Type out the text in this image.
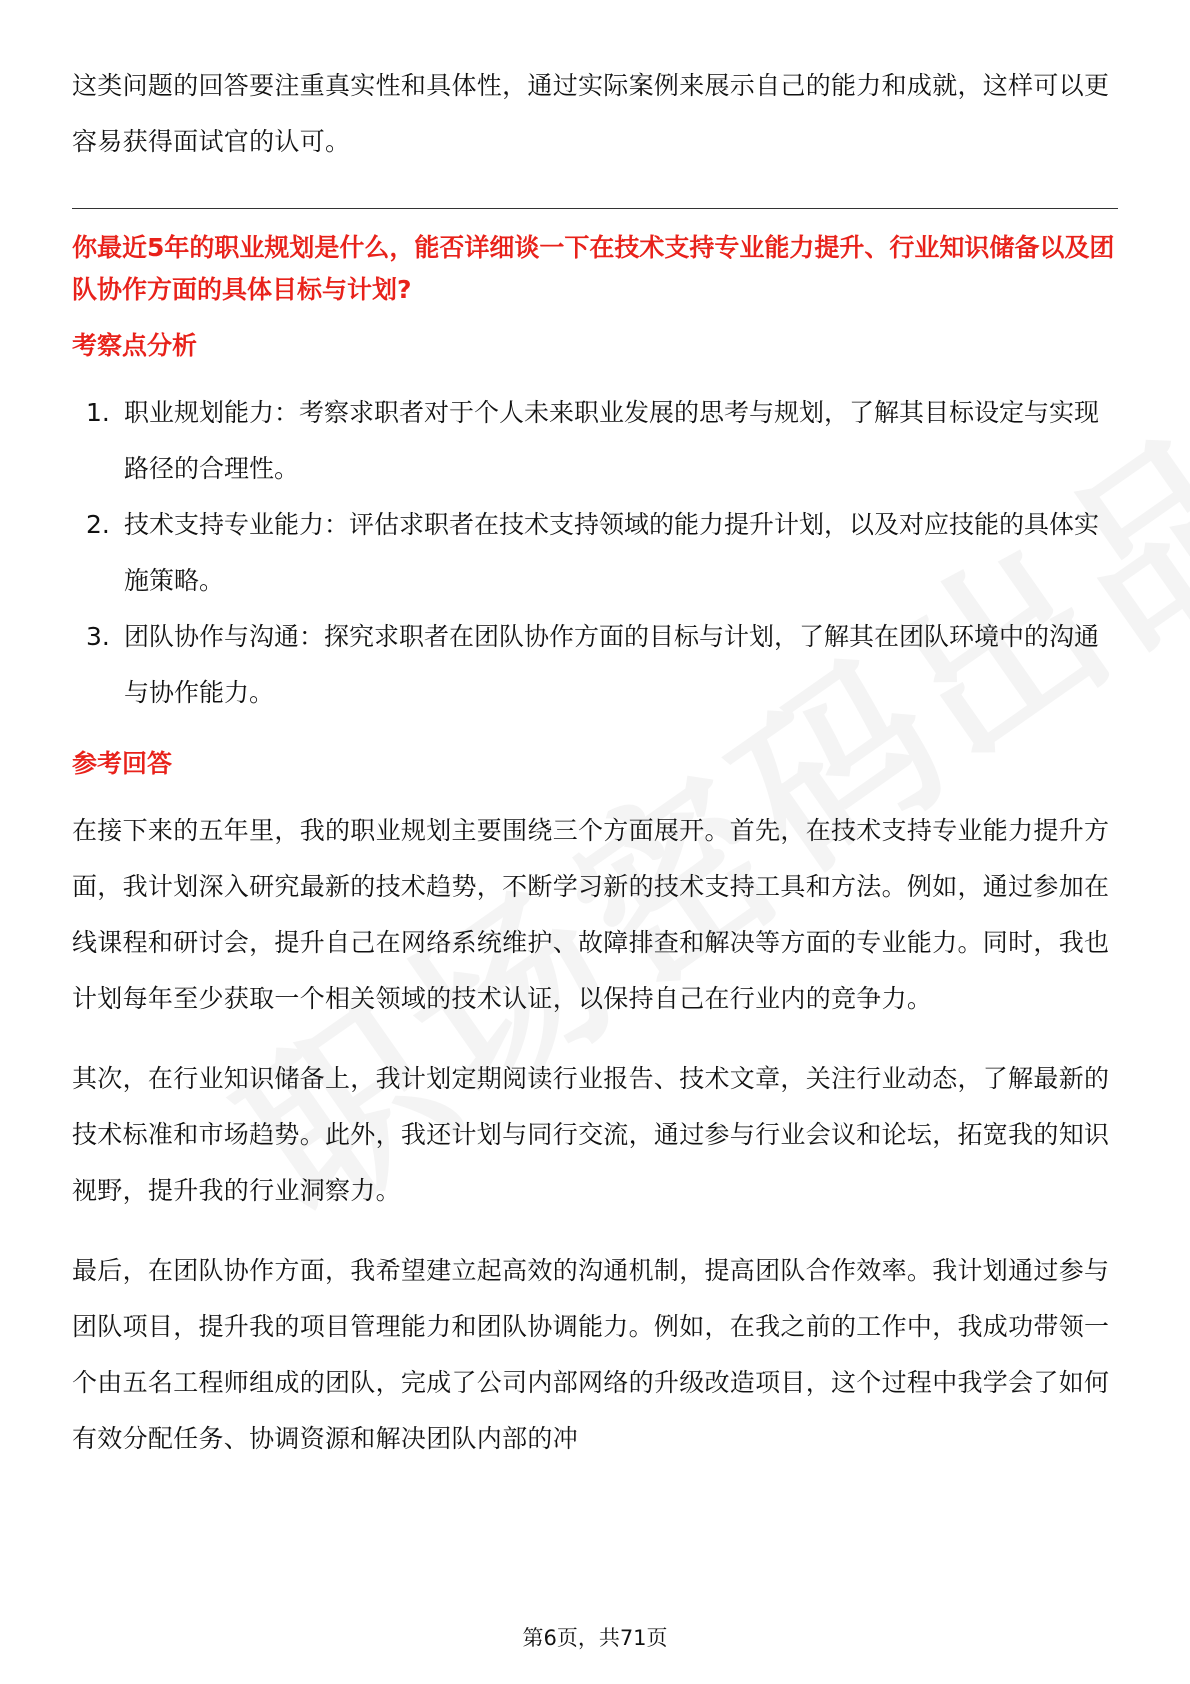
这类问题的回答要注重真实性和具体性，通过实际案例来展示自己的能力和成就，这样可以更容易获得面试官的认可。

你最近5年的职业规划是什么，能否详细谈一下在技术支持专业能力提升、行业知识储备以及团队协作方面的具体目标与计划?

考察点分析

1. 职业规划能力：考察求职者对于个人未来职业发展的思考与规划，了解其目标设定与实现路径的合理性。
2. 技术支持专业能力：评估求职者在技术支持领域的能力提升计划，以及对应技能的具体实施策略。
3. 团队协作与沟通：探究求职者在团队协作方面的目标与计划，了解其在团队环境中的沟通与协作能力。

参考回答

在接下来的五年里，我的职业规划主要围绕三个方面展开。首先，在技术支持专业能力提升方面，我计划深入研究最新的技术趋势，不断学习新的技术支持工具和方法。例如，通过参加在线课程和研讨会，提升自己在网络系统维护、故障排查和解决等方面的专业能力。同时，我也计划每年至少获取一个相关领域的技术认证，以保持自己在行业内的竞争力。

其次，在行业知识储备上，我计划定期阅读行业报告、技术文章，关注行业动态，了解最新的技术标准和市场趋势。此外，我还计划与同行交流，通过参与行业会议和论坛，拓宽我的知识视野，提升我的行业洞察力。

最后，在团队协作方面，我希望建立起高效的沟通机制，提高团队合作效率。我计划通过参与团队项目，提升我的项目管理能力和团队协调能力。例如，在我之前的工作中，我成功带领一个由五名工程师组成的团队，完成了公司内部网络的升级改造项目，这个过程中我学会了如何有效分配任务、协调资源和解决团队内部的冲

第6页，共71页
